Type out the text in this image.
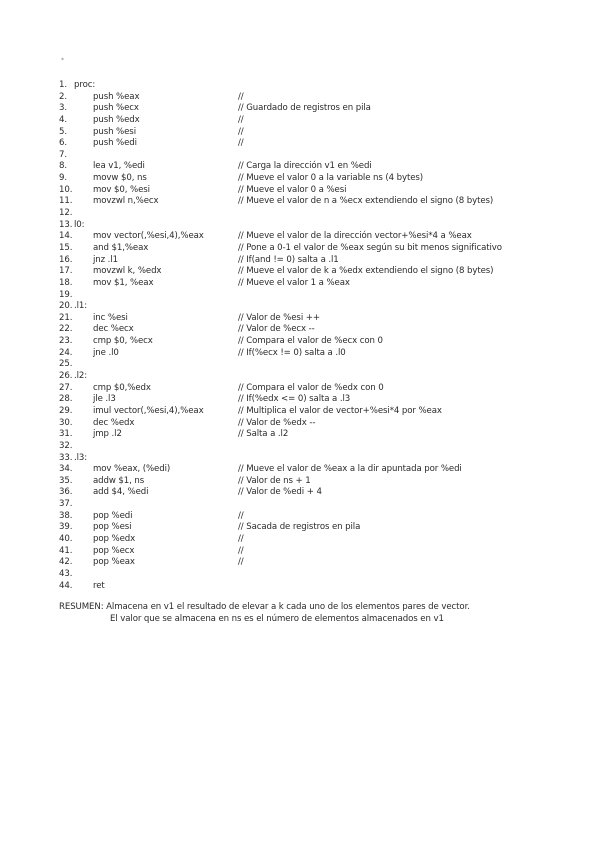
*
1. proc:
2.	push %eax	//
3.	push %ecx	// Guardado de registros en pila
4.	push %edx	//
5.	push %esi	//
6.	push %edi	//
7.
8.	lea v1, %edi	// Carga la dirección v1 en %edi
9.	movw $0, ns	// Mueve el valor 0 a la variable ns (4 bytes)
10. mov $0, %esi	// Mueve el valor 0 a %esi
11. movzwl n,%ecx	// Mueve el valor de n a %ecx extendiendo el signo (8 bytes)
12.
13. l0:
14. mov vector(,%esi,4),%eax	// Mueve el valor de la dirección vector+%esi*4 a %eax
15. and $1,%eax	// Pone a 0-1 el valor de %eax según su bit menos significativo
16. jnz .l1	// If(and != 0) salta a .l1
17. movzwl k, %edx	// Mueve el valor de k a %edx extendiendo el signo (8 bytes)
18. mov $1, %eax	// Mueve el valor 1 a %eax
19.
20. .l1:
21. inc %esi	// Valor de %esi ++
22. dec %ecx	// Valor de %ecx --
23. cmp $0, %ecx	// Compara el valor de %ecx con 0
24. jne .l0	// If(%ecx != 0) salta a .l0
25.
26. .l2:
27. cmp $0,%edx	// Compara el valor de %edx con 0
28. jle .l3	// If(%edx <= 0) salta a .l3
29. imul vector(,%esi,4),%eax	// Multiplica el valor de vector+%esi*4 por %eax
30. dec %edx	// Valor de %edx --
31. jmp .l2	// Salta a .l2
32.
33. .l3:
34. mov %eax, (%edi)	// Mueve el valor de %eax a la dir apuntada por %edi
35. addw $1, ns	// Valor de ns + 1
36. add $4, %edi	// Valor de %edi + 4
37.
38. pop %edi	//
39. pop %esi	// Sacada de registros en pila
40. pop %edx	//
41. pop %ecx	//
42. pop %eax	//
43.
44. ret
RESUMEN: Almacena en v1 el resultado de elevar a k cada uno de los elementos pares de vector.
El valor que se almacena en ns es el número de elementos almacenados en v1
